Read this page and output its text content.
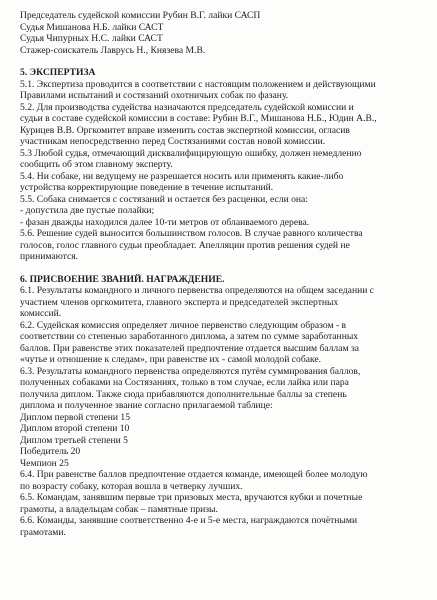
Председатель судейской комиссии Рубин В.Г. лайки САСП
Судья Мишанова Н.Б. лайки САСТ
Судья Чипурных Н.С. лайки САСТ
Стажер-соискатель Лаврусь Н., Князева М.В.
5. ЭКСПЕРТИЗА
5.1. Экспертиза проводится в соответствии с настоящим положением и действующими
Правилами испытаний и состязаний охотничьих собак по фазану.
5.2. Для производства судейства назначаются председатель судейской комиссии и
судьи в составе судейской комиссии в составе: Рубин В.Г., Мишанова Н.Б., Юдин А.В.,
Курицев В.В. Оргкомитет вправе изменить состав экспертной комиссии, огласив
участникам непосредственно перед Состязаниями состав новой комиссии.
5.3 Любой судья, отмечающий дисквалифицирующую ошибку, должен немедленно
сообщить об этом главному эксперту.
5.4. Ни собаке, ни ведущему не разрешается носить или применять какие-либо
устройства корректирующие поведение в течение испытаний.
5.5. Собака снимается с состязаний и остается без расценки, если она:
- допустила две пустые полайки;
- фазан дважды находился далее 10-ти метров от облаиваемого дерева.
5.6. Решение судей выносится большинством голосов. В случае равного количества
голосов, голос главного судьи преобладает. Апелляции против решения судей не
принимаются.
6. ПРИСВОЕНИЕ ЗВАНИЙ. НАГРАЖДЕНИЕ.
6.1. Результаты командного и личного первенства определяются на общем заседании с
участием членов оргкомитета, главного эксперта и председателей экспертных
комиссий.
6.2. Судейская комиссия определяет личное первенство следующим образом - в
соответствии со степенью заработанного диплома, а затем по сумме заработанных
баллов. При равенстве этих показателей предпочтение отдается высшим баллам за
«чутье и отношение к следам», при равенстве их - самой молодой собаке.
6.3. Результаты командного первенства определяются путём суммирования баллов,
полученных собаками на Состязаниях, только в том случае, если лайка или пара
получила диплом. Также сюда прибавляются дополнительные баллы за степень
диплома и полученное звание согласно прилагаемой таблице:
Диплом первой степени 15
Диплом второй степени 10
Диплом третьей степени 5
Победитель 20
Чемпион 25
6.4. При равенстве баллов предпочтение отдается команде, имеющей более молодую
по возрасту собаку, которая вошла в четверку лучших.
6.5. Командам, занявшим первые три призовых места, вручаются кубки и почетные
грамоты, а владельцам собак – памятные призы.
6.6. Команды, занявшие соответственно 4-е и 5-е места, награждаются почётными
грамотами.
